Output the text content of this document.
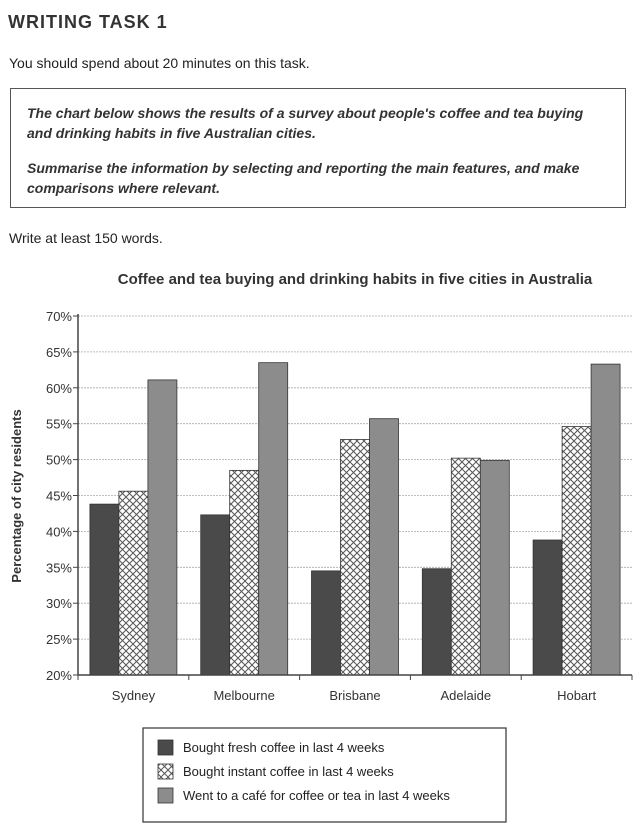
WRITING TASK 1
You should spend about 20 minutes on this task.

The chart below shows the results of a survey about people's coffee and tea buying and drinking habits in five Australian cities.

Summarise the information by selecting and reporting the main features, and make comparisons where relevant.

Write at least 150 words.
Coffee and tea buying and drinking habits in five cities in Australia
Percentage of city residents
20%
25%
30%
35%
40%
45%
50%
55%
60%
65%
70%
Sydney	Melbourne	Brisbane	Adelaide	Hobart
Bought fresh coffee in last 4 weeks
Bought instant coffee in last 4 weeks
Went to a café for coffee or tea in last 4 weeks
